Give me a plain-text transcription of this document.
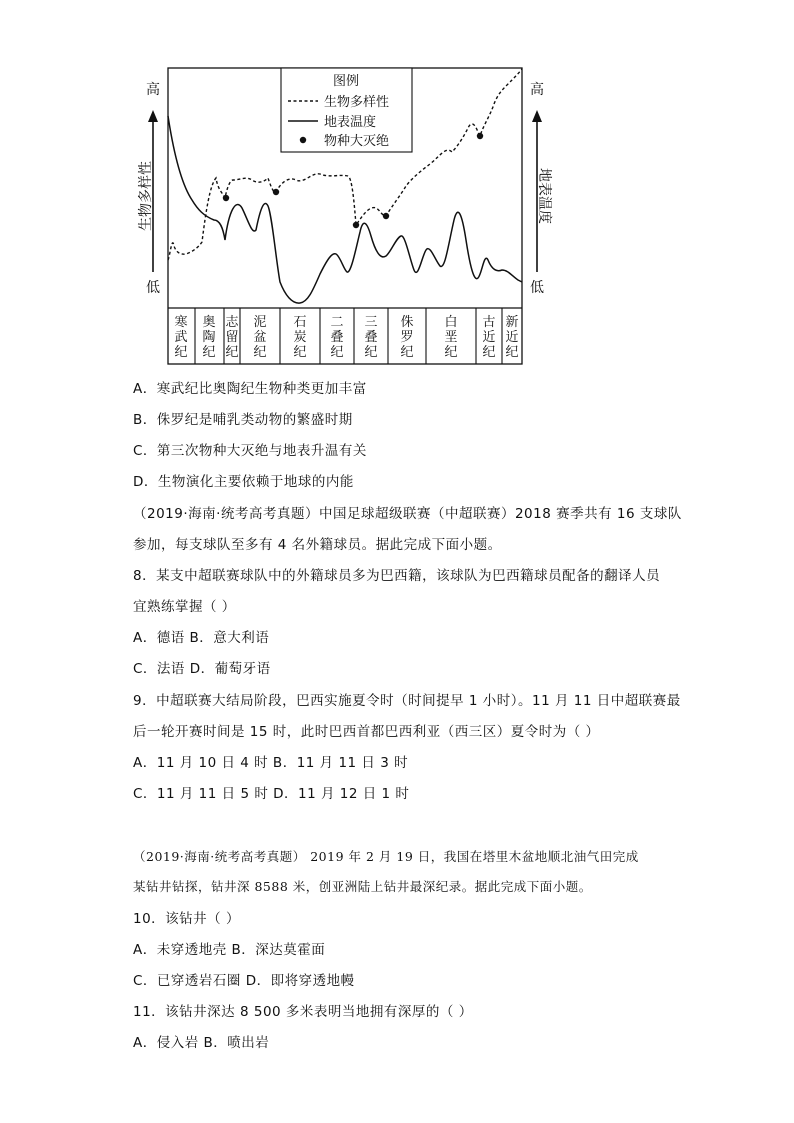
高
生物多样性
低
高
地表温度
低
图例
生物多样性
地表温度
物种大灭绝
寒武纪
奥陶纪
志留纪
泥盆纪
石炭纪
二叠纪
三叠纪
侏罗纪
白垩纪
古近纪
新近纪
A．寒武纪比奥陶纪生物种类更加丰富
B．侏罗纪是哺乳类动物的繁盛时期
C．第三次物种大灭绝与地表升温有关
D．生物演化主要依赖于地球的内能
（2019·海南·统考高考真题）中国足球超级联赛（中超联赛）2018 赛季共有 16 支球队
参加，每支球队至多有 4 名外籍球员。据此完成下面小题。
8．某支中超联赛球队中的外籍球员多为巴西籍，该球队为巴西籍球员配备的翻译人员
宜熟练掌握（ ）
A．德语 B．意大利语
C．法语 D．葡萄牙语
9．中超联赛大结局阶段，巴西实施夏令时（时间提早 1 小时）。11 月 11 日中超联赛最
后一轮开赛时间是 15 时，此时巴西首都巴西利亚（西三区）夏令时为（ ）
A．11 月 10 日 4 时 B．11 月 11 日 3 时
C．11 月 11 日 5 时 D．11 月 12 日 1 时
（2019·海南·统考高考真题） 2019 年 2 月 19 日，我国在塔里木盆地顺北油气田完成
某钻井钻探，钻井深 8588 米，创亚洲陆上钻井最深纪录。据此完成下面小题。
10．该钻井（ ）
A．未穿透地壳 B．深达莫霍面
C．已穿透岩石圈 D．即将穿透地幔
11．该钻井深达 8 500 多米表明当地拥有深厚的（ ）
A．侵入岩 B．喷出岩
